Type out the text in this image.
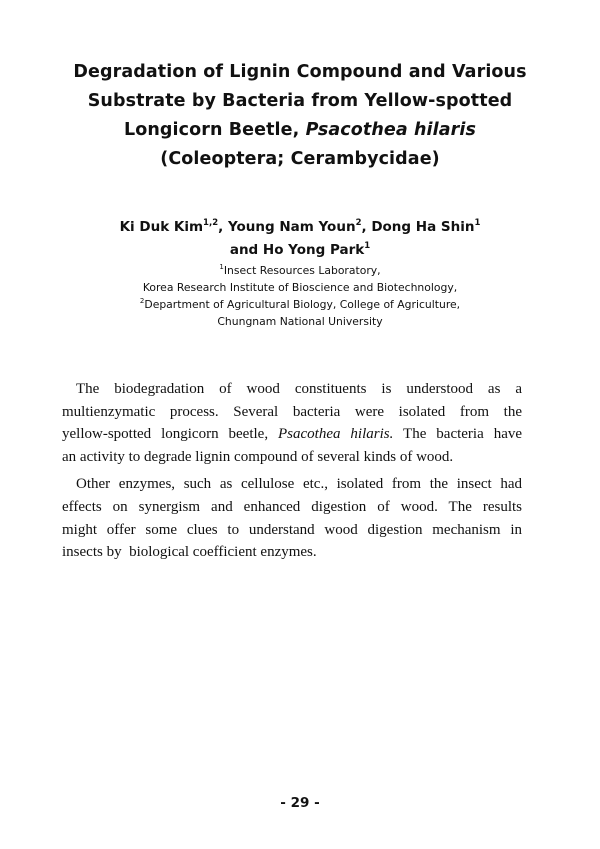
Degradation of Lignin Compound and Various
Substrate by Bacteria from Yellow-spotted
Longicorn Beetle, Psacothea hilaris
(Coleoptera; Cerambycidae)
Ki Duk Kim$^{1,2}$, Young Nam Youn$^2$, Dong Ha Shin$^1$
and Ho Yong Park$^1$
$^1$Insect Resources Laboratory,
Korea Research Institute of Bioscience and Biotechnology,
$^2$Department of Agricultural Biology, College of Agriculture,
Chungnam National University

The biodegradation of wood constituents is understood as a
multienzymatic process. Several bacteria were isolated from the
yellow-spotted longicorn beetle, Psacothea hilaris. The bacteria have
an activity to degrade lignin compound of several kinds of wood.

Other enzymes, such as cellulose etc., isolated from the insect had
effects on synergism and enhanced digestion of wood. The results
might offer some clues to understand wood digestion mechanism in
insects by  biological coefficient enzymes.

- 29 -
